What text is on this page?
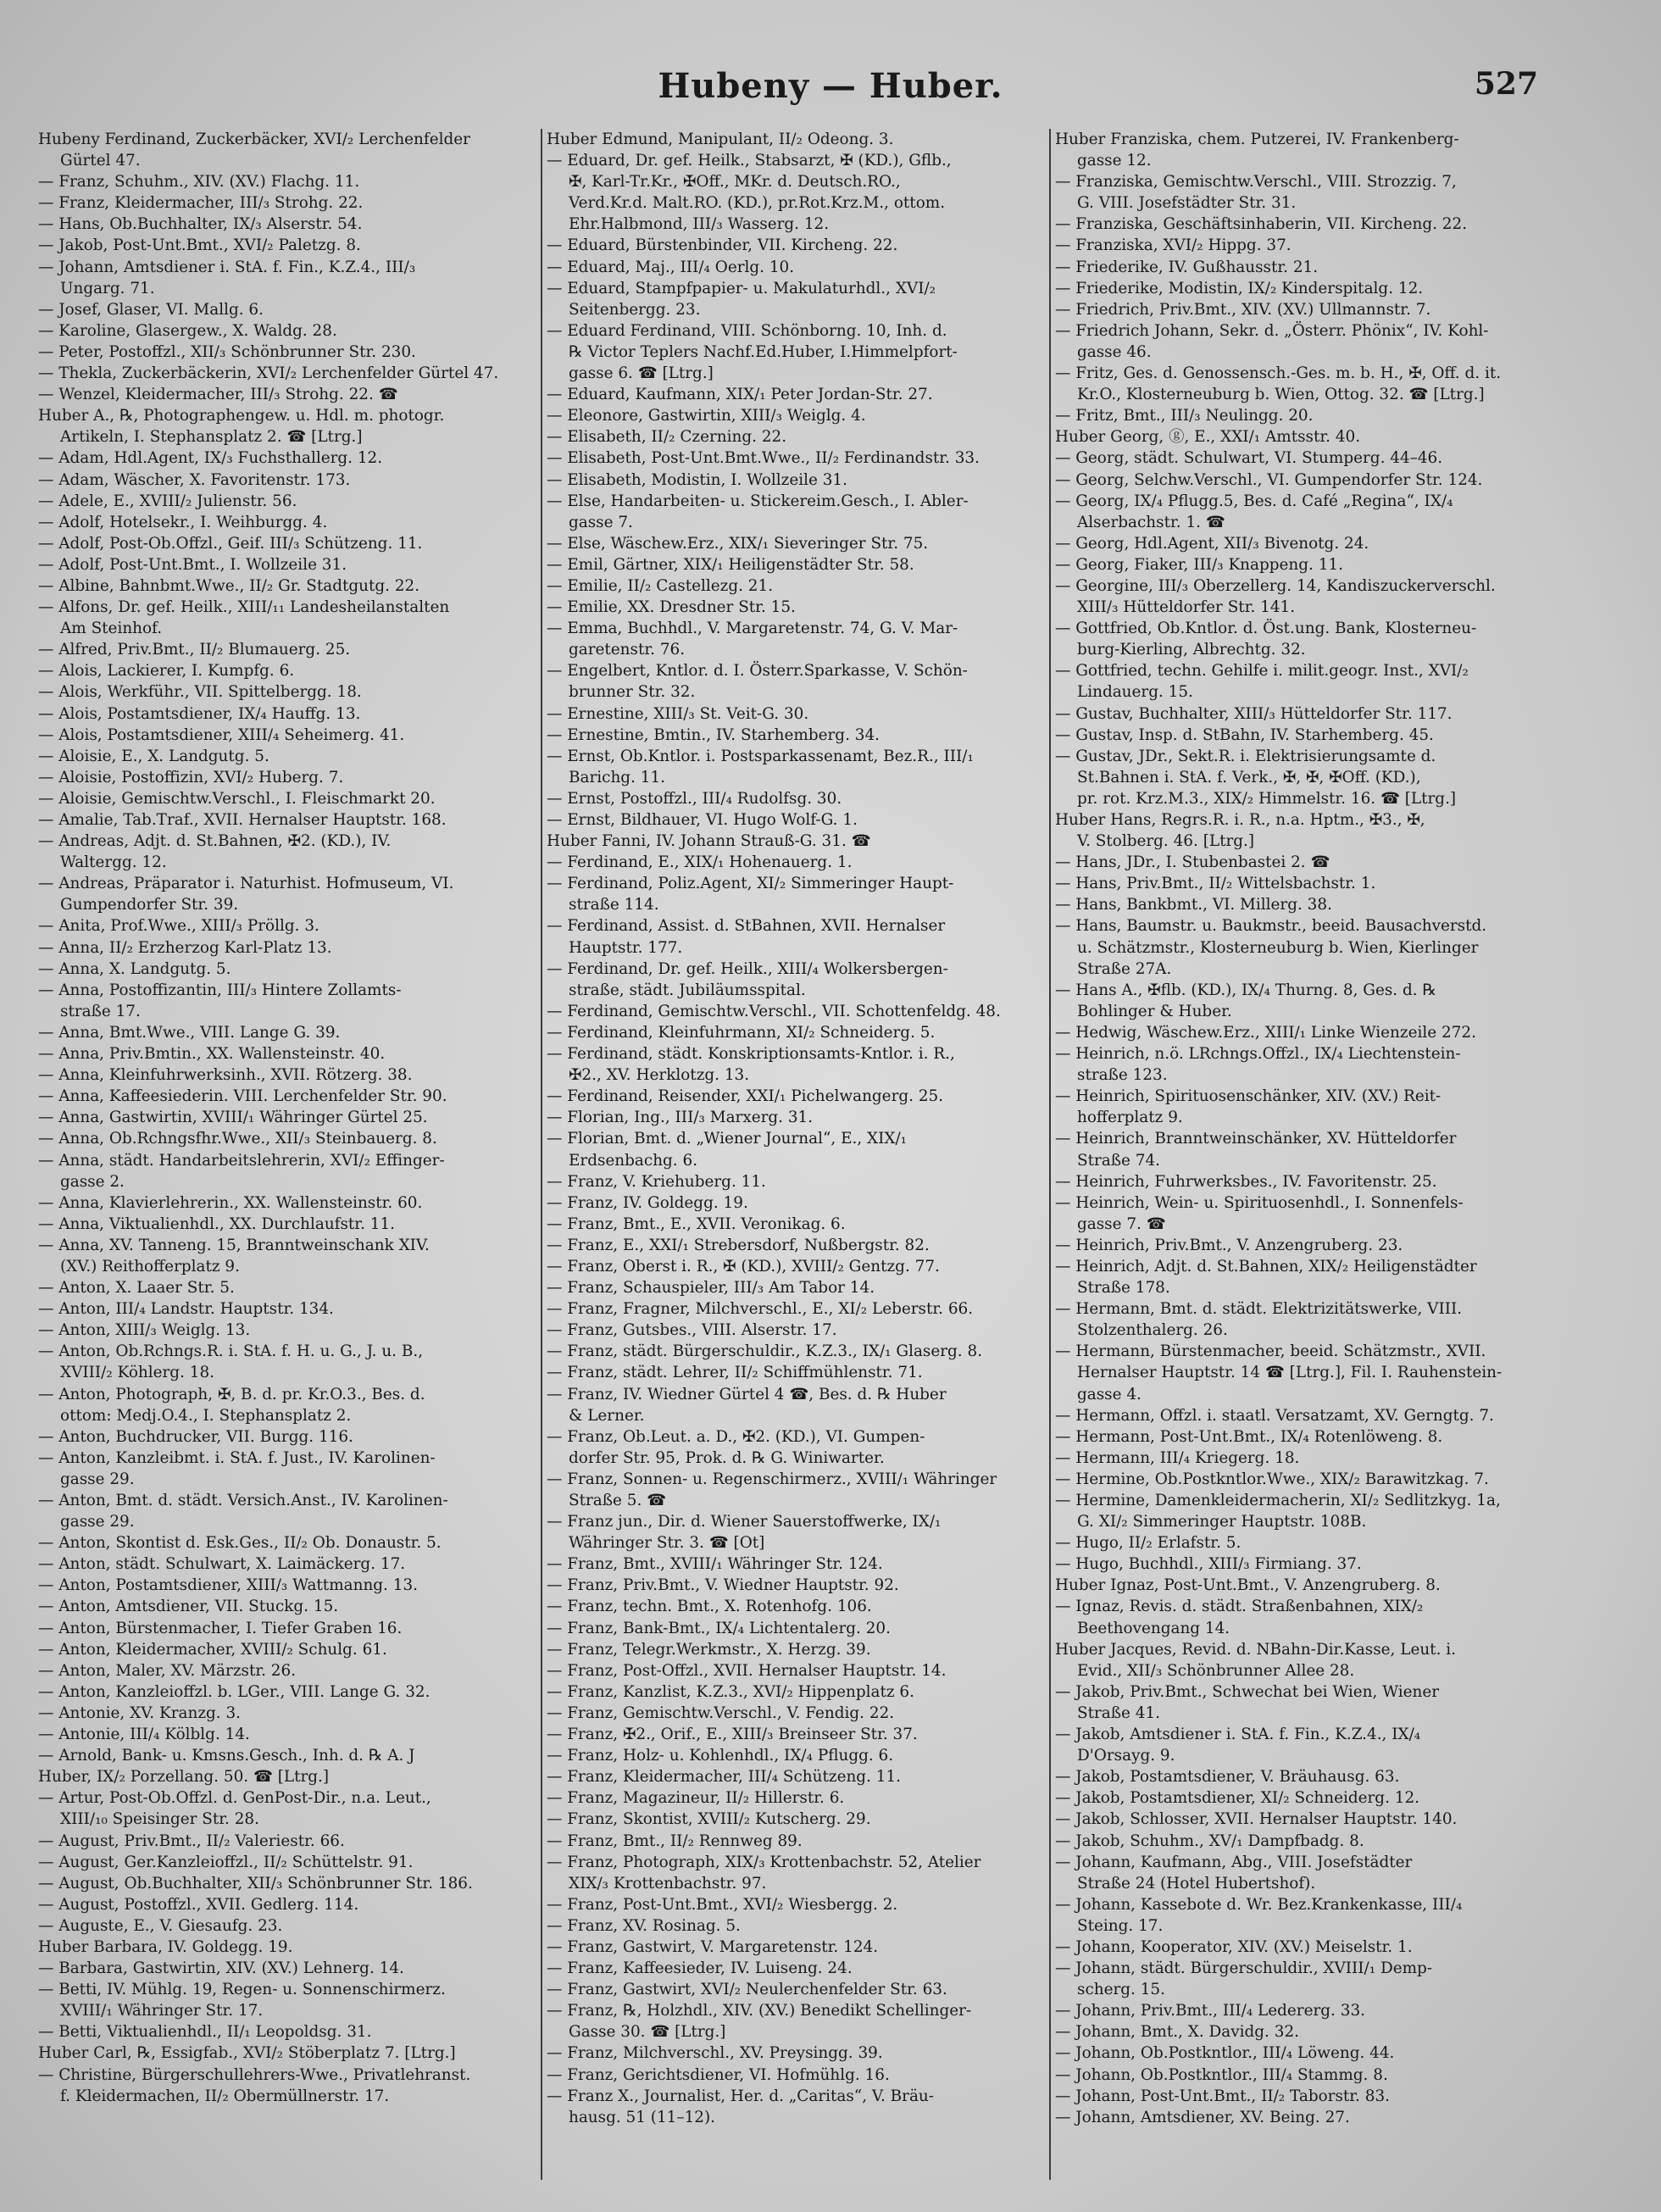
Hubeny — Huber.	527
Hubeny Ferdinand, Zuckerbäcker, XVI/₂ Lerchenfelder
Gürtel 47.
— Franz, Schuhm., XIV. (XV.) Flachg. 11.
— Franz, Kleidermacher, III/₃ Strohg. 22.
— Hans, Ob.Buchhalter, IX/₃ Alserstr. 54.
— Jakob, Post-Unt.Bmt., XVI/₂ Paletzg. 8.
— Johann, Amtsdiener i. StA. f. Fin., K.Z.4., III/₃
Ungarg. 71.
— Josef, Glaser, VI. Mallg. 6.
— Karoline, Glasergew., X. Waldg. 28.
— Peter, Postoffzl., XII/₃ Schönbrunner Str. 230.
— Thekla, Zuckerbäckerin, XVI/₂ Lerchenfelder Gürtel 47.
— Wenzel, Kleidermacher, III/₃ Strohg. 22. ☎
Huber A., ℞, Photographengew. u. Hdl. m. photogr.
Artikeln, I. Stephansplatz 2. ☎ [Ltrg.]
— Adam, Hdl.Agent, IX/₃ Fuchsthallerg. 12.
— Adam, Wäscher, X. Favoritenstr. 173.
— Adele, E., XVIII/₂ Julienstr. 56.
— Adolf, Hotelsekr., I. Weihburgg. 4.
— Adolf, Post-Ob.Offzl., Geif. III/₃ Schützeng. 11.
— Adolf, Post-Unt.Bmt., I. Wollzeile 31.
— Albine, Bahnbmt.Wwe., II/₂ Gr. Stadtgutg. 22.
— Alfons, Dr. gef. Heilk., XIII/₁₁ Landesheilanstalten
Am Steinhof.
— Alfred, Priv.Bmt., II/₂ Blumauerg. 25.
— Alois, Lackierer, I. Kumpfg. 6.
— Alois, Werkführ., VII. Spittelbergg. 18.
— Alois, Postamtsdiener, IX/₄ Hauffg. 13.
— Alois, Postamtsdiener, XIII/₄ Seheimerg. 41.
— Aloisie, E., X. Landgutg. 5.
— Aloisie, Postoffizin, XVI/₂ Huberg. 7.
— Aloisie, Gemischtw.Verschl., I. Fleischmarkt 20.
— Amalie, Tab.Traf., XVII. Hernalser Hauptstr. 168.
— Andreas, Adjt. d. St.Bahnen, ✠2. (KD.), IV.
Waltergg. 12.
— Andreas, Präparator i. Naturhist. Hofmuseum, VI.
Gumpendorfer Str. 39.
— Anita, Prof.Wwe., XIII/₃ Pröllg. 3.
— Anna, II/₂ Erzherzog Karl-Platz 13.
— Anna, X. Landgutg. 5.
— Anna, Postoffizantin, III/₃ Hintere Zollamts-
straße 17.
— Anna, Bmt.Wwe., VIII. Lange G. 39.
— Anna, Priv.Bmtin., XX. Wallensteinstr. 40.
— Anna, Kleinfuhrwerksinh., XVII. Rötzerg. 38.
— Anna, Kaffeesiederin. VIII. Lerchenfelder Str. 90.
— Anna, Gastwirtin, XVIII/₁ Währinger Gürtel 25.
— Anna, Ob.Rchngsfhr.Wwe., XII/₃ Steinbauerg. 8.
— Anna, städt. Handarbeitslehrerin, XVI/₂ Effinger-
gasse 2.
— Anna, Klavierlehrerin., XX. Wallensteinstr. 60.
— Anna, Viktualienhdl., XX. Durchlaufstr. 11.
— Anna, XV. Tanneng. 15, Branntweinschank XIV.
(XV.) Reithofferplatz 9.
— Anton, X. Laaer Str. 5.
— Anton, III/₄ Landstr. Hauptstr. 134.
— Anton, XIII/₃ Weiglg. 13.
— Anton, Ob.Rchngs.R. i. StA. f. H. u. G., J. u. B.,
XVIII/₂ Köhlerg. 18.
— Anton, Photograph, ✠, B. d. pr. Kr.O.3., Bes. d.
ottom: Medj.O.4., I. Stephansplatz 2.
— Anton, Buchdrucker, VII. Burgg. 116.
— Anton, Kanzleibmt. i. StA. f. Just., IV. Karolinen-
gasse 29.
— Anton, Bmt. d. städt. Versich.Anst., IV. Karolinen-
gasse 29.
— Anton, Skontist d. Esk.Ges., II/₂ Ob. Donaustr. 5.
— Anton, städt. Schulwart, X. Laimäckerg. 17.
— Anton, Postamtsdiener, XIII/₃ Wattmanng. 13.
— Anton, Amtsdiener, VII. Stuckg. 15.
— Anton, Bürstenmacher, I. Tiefer Graben 16.
— Anton, Kleidermacher, XVIII/₂ Schulg. 61.
— Anton, Maler, XV. Märzstr. 26.
— Anton, Kanzleioffzl. b. LGer., VIII. Lange G. 32.
— Antonie, XV. Kranzg. 3.
— Antonie, III/₄ Kölblg. 14.
— Arnold, Bank- u. Kmsns.Gesch., Inh. d. ℞ A. J
Huber, IX/₂ Porzellang. 50. ☎ [Ltrg.]
— Artur, Post-Ob.Offzl. d. GenPost-Dir., n.a. Leut.,
XIII/₁₀ Speisinger Str. 28.
— August, Priv.Bmt., II/₂ Valeriestr. 66.
— August, Ger.Kanzleioffzl., II/₂ Schüttelstr. 91.
— August, Ob.Buchhalter, XII/₃ Schönbrunner Str. 186.
— August, Postoffzl., XVII. Gedlerg. 114.
— Auguste, E., V. Giesaufg. 23.
Huber Barbara, IV. Goldegg. 19.
— Barbara, Gastwirtin, XIV. (XV.) Lehnerg. 14.
— Betti, IV. Mühlg. 19, Regen- u. Sonnenschirmerz.
XVIII/₁ Währinger Str. 17.
— Betti, Viktualienhdl., II/₁ Leopoldsg. 31.
Huber Carl, ℞, Essigfab., XVI/₂ Stöberplatz 7. [Ltrg.]
— Christine, Bürgerschullehrers-Wwe., Privatlehranst.
f. Kleidermachen, II/₂ Obermüllnerstr. 17.
Huber Edmund, Manipulant, II/₂ Odeong. 3.
— Eduard, Dr. gef. Heilk., Stabsarzt, ✠ (KD.), Gflb.,
✠, Karl-Tr.Kr., ✠Off., MKr. d. Deutsch.RO.,
Verd.Kr.d. Malt.RO. (KD.), pr.Rot.Krz.M., ottom.
Ehr.Halbmond, III/₃ Wasserg. 12.
— Eduard, Bürstenbinder, VII. Kircheng. 22.
— Eduard, Maj., III/₄ Oerlg. 10.
— Eduard, Stampfpapier- u. Makulaturhdl., XVI/₂
Seitenbergg. 23.
— Eduard Ferdinand, VIII. Schönborng. 10, Inh. d.
℞ Victor Teplers Nachf.Ed.Huber, I.Himmelpfort-
gasse 6. ☎ [Ltrg.]
— Eduard, Kaufmann, XIX/₁ Peter Jordan-Str. 27.
— Eleonore, Gastwirtin, XIII/₃ Weiglg. 4.
— Elisabeth, II/₂ Czerning. 22.
— Elisabeth, Post-Unt.Bmt.Wwe., II/₂ Ferdinandstr. 33.
— Elisabeth, Modistin, I. Wollzeile 31.
— Else, Handarbeiten- u. Stickereim.Gesch., I. Abler-
gasse 7.
— Else, Wäschew.Erz., XIX/₁ Sieveringer Str. 75.
— Emil, Gärtner, XIX/₁ Heiligenstädter Str. 58.
— Emilie, II/₂ Castellezg. 21.
— Emilie, XX. Dresdner Str. 15.
— Emma, Buchhdl., V. Margaretenstr. 74, G. V. Mar-
garetenstr. 76.
— Engelbert, Kntlor. d. I. Österr.Sparkasse, V. Schön-
brunner Str. 32.
— Ernestine, XIII/₃ St. Veit-G. 30.
— Ernestine, Bmtin., IV. Starhemberg. 34.
— Ernst, Ob.Kntlor. i. Postsparkassenamt, Bez.R., III/₁
Barichg. 11.
— Ernst, Postoffzl., III/₄ Rudolfsg. 30.
— Ernst, Bildhauer, VI. Hugo Wolf-G. 1.
Huber Fanni, IV. Johann Strauß-G. 31. ☎
— Ferdinand, E., XIX/₁ Hohenauerg. 1.
— Ferdinand, Poliz.Agent, XI/₂ Simmeringer Haupt-
straße 114.
— Ferdinand, Assist. d. StBahnen, XVII. Hernalser
Hauptstr. 177.
— Ferdinand, Dr. gef. Heilk., XIII/₄ Wolkersbergen-
straße, städt. Jubiläumsspital.
— Ferdinand, Gemischtw.Verschl., VII. Schottenfeldg. 48.
— Ferdinand, Kleinfuhrmann, XI/₂ Schneiderg. 5.
— Ferdinand, städt. Konskriptionsamts-Kntlor. i. R.,
✠2., XV. Herklotzg. 13.
— Ferdinand, Reisender, XXI/₁ Pichelwangerg. 25.
— Florian, Ing., III/₃ Marxerg. 31.
— Florian, Bmt. d. „Wiener Journal“, E., XIX/₁
Erdsenbachg. 6.
— Franz, V. Kriehuberg. 11.
— Franz, IV. Goldegg. 19.
— Franz, Bmt., E., XVII. Veronikag. 6.
— Franz, E., XXI/₁ Strebersdorf, Nußbergstr. 82.
— Franz, Oberst i. R., ✠ (KD.), XVIII/₂ Gentzg. 77.
— Franz, Schauspieler, III/₃ Am Tabor 14.
— Franz, Fragner, Milchverschl., E., XI/₂ Leberstr. 66.
— Franz, Gutsbes., VIII. Alserstr. 17.
— Franz, städt. Bürgerschuldir., K.Z.3., IX/₁ Glaserg. 8.
— Franz, städt. Lehrer, II/₂ Schiffmühlenstr. 71.
— Franz, IV. Wiedner Gürtel 4 ☎, Bes. d. ℞ Huber
& Lerner.
— Franz, Ob.Leut. a. D., ✠2. (KD.), VI. Gumpen-
dorfer Str. 95, Prok. d. ℞ G. Winiwarter.
— Franz, Sonnen- u. Regenschirmerz., XVIII/₁ Währinger
Straße 5. ☎
— Franz jun., Dir. d. Wiener Sauerstoffwerke, IX/₁
Währinger Str. 3. ☎ [Ot]
— Franz, Bmt., XVIII/₁ Währinger Str. 124.
— Franz, Priv.Bmt., V. Wiedner Hauptstr. 92.
— Franz, techn. Bmt., X. Rotenhofg. 106.
— Franz, Bank-Bmt., IX/₄ Lichtentalerg. 20.
— Franz, Telegr.Werkmstr., X. Herzg. 39.
— Franz, Post-Offzl., XVII. Hernalser Hauptstr. 14.
— Franz, Kanzlist, K.Z.3., XVI/₂ Hippenplatz 6.
— Franz, Gemischtw.Verschl., V. Fendig. 22.
— Franz, ✠2., Orif., E., XIII/₃ Breinseer Str. 37.
— Franz, Holz- u. Kohlenhdl., IX/₄ Pflugg. 6.
— Franz, Kleidermacher, III/₄ Schützeng. 11.
— Franz, Magazineur, II/₂ Hillerstr. 6.
— Franz, Skontist, XVIII/₂ Kutscherg. 29.
— Franz, Bmt., II/₂ Rennweg 89.
— Franz, Photograph, XIX/₃ Krottenbachstr. 52, Atelier
XIX/₃ Krottenbachstr. 97.
— Franz, Post-Unt.Bmt., XVI/₂ Wiesbergg. 2.
— Franz, XV. Rosinag. 5.
— Franz, Gastwirt, V. Margaretenstr. 124.
— Franz, Kaffeesieder, IV. Luiseng. 24.
— Franz, Gastwirt, XVI/₂ Neulerchenfelder Str. 63.
— Franz, ℞, Holzhdl., XIV. (XV.) Benedikt Schellinger-
Gasse 30. ☎ [Ltrg.]
— Franz, Milchverschl., XV. Preysingg. 39.
— Franz, Gerichtsdiener, VI. Hofmühlg. 16.
— Franz X., Journalist, Her. d. „Caritas“, V. Bräu-
hausg. 51 (11–12).
Huber Franziska, chem. Putzerei, IV. Frankenberg-
gasse 12.
— Franziska, Gemischtw.Verschl., VIII. Strozzig. 7,
G. VIII. Josefstädter Str. 31.
— Franziska, Geschäftsinhaberin, VII. Kircheng. 22.
— Franziska, XVI/₂ Hippg. 37.
— Friederike, IV. Gußhausstr. 21.
— Friederike, Modistin, IX/₂ Kinderspitalg. 12.
— Friedrich, Priv.Bmt., XIV. (XV.) Ullmannstr. 7.
— Friedrich Johann, Sekr. d. „Österr. Phönix“, IV. Kohl-
gasse 46.
— Fritz, Ges. d. Genossensch.-Ges. m. b. H., ✠, Off. d. it.
Kr.O., Klosterneuburg b. Wien, Ottog. 32. ☎ [Ltrg.]
— Fritz, Bmt., III/₃ Neulingg. 20.
Huber Georg, ⓖ, E., XXI/₁ Amtsstr. 40.
— Georg, städt. Schulwart, VI. Stumperg. 44–46.
— Georg, Selchw.Verschl., VI. Gumpendorfer Str. 124.
— Georg, IX/₄ Pflugg.5, Bes. d. Café „Regina“, IX/₄
Alserbachstr. 1. ☎
— Georg, Hdl.Agent, XII/₃ Bivenotg. 24.
— Georg, Fiaker, III/₃ Knappeng. 11.
— Georgine, III/₃ Oberzellerg. 14, Kandiszuckerverschl.
XIII/₃ Hütteldorfer Str. 141.
— Gottfried, Ob.Kntlor. d. Öst.ung. Bank, Klosterneu-
burg-Kierling, Albrechtg. 32.
— Gottfried, techn. Gehilfe i. milit.geogr. Inst., XVI/₂
Lindauerg. 15.
— Gustav, Buchhalter, XIII/₃ Hütteldorfer Str. 117.
— Gustav, Insp. d. StBahn, IV. Starhemberg. 45.
— Gustav, JDr., Sekt.R. i. Elektrisierungsamte d.
St.Bahnen i. StA. f. Verk., ✠, ✠, ✠Off. (KD.),
pr. rot. Krz.M.3., XIX/₂ Himmelstr. 16. ☎ [Ltrg.]
Huber Hans, Regrs.R. i. R., n.a. Hptm., ✠3., ✠,
V. Stolberg. 46. [Ltrg.]
— Hans, JDr., I. Stubenbastei 2. ☎
— Hans, Priv.Bmt., II/₂ Wittelsbachstr. 1.
— Hans, Bankbmt., VI. Millerg. 38.
— Hans, Baumstr. u. Baukmstr., beeid. Bausachverstd.
u. Schätzmstr., Klosterneuburg b. Wien, Kierlinger
Straße 27A.
— Hans A., ✠flb. (KD.), IX/₄ Thurng. 8, Ges. d. ℞
Bohlinger & Huber.
— Hedwig, Wäschew.Erz., XIII/₁ Linke Wienzeile 272.
— Heinrich, n.ö. LRchngs.Offzl., IX/₄ Liechtenstein-
straße 123.
— Heinrich, Spirituosenschänker, XIV. (XV.) Reit-
hofferplatz 9.
— Heinrich, Branntweinschänker, XV. Hütteldorfer
Straße 74.
— Heinrich, Fuhrwerksbes., IV. Favoritenstr. 25.
— Heinrich, Wein- u. Spirituosenhdl., I. Sonnenfels-
gasse 7. ☎
— Heinrich, Priv.Bmt., V. Anzengruberg. 23.
— Heinrich, Adjt. d. St.Bahnen, XIX/₂ Heiligenstädter
Straße 178.
— Hermann, Bmt. d. städt. Elektrizitätswerke, VIII.
Stolzenthalerg. 26.
— Hermann, Bürstenmacher, beeid. Schätzmstr., XVII.
Hernalser Hauptstr. 14 ☎ [Ltrg.], Fil. I. Rauhenstein-
gasse 4.
— Hermann, Offzl. i. staatl. Versatzamt, XV. Gerngtg. 7.
— Hermann, Post-Unt.Bmt., IX/₄ Rotenlöweng. 8.
— Hermann, III/₄ Kriegerg. 18.
— Hermine, Ob.Postkntlor.Wwe., XIX/₂ Barawitzkag. 7.
— Hermine, Damenkleidermacherin, XI/₂ Sedlitzkyg. 1a,
G. XI/₂ Simmeringer Hauptstr. 108B.
— Hugo, II/₂ Erlafstr. 5.
— Hugo, Buchhdl., XIII/₃ Firmiang. 37.
Huber Ignaz, Post-Unt.Bmt., V. Anzengruberg. 8.
— Ignaz, Revis. d. städt. Straßenbahnen, XIX/₂
Beethovengang 14.
Huber Jacques, Revid. d. NBahn-Dir.Kasse, Leut. i.
Evid., XII/₃ Schönbrunner Allee 28.
— Jakob, Priv.Bmt., Schwechat bei Wien, Wiener
Straße 41.
— Jakob, Amtsdiener i. StA. f. Fin., K.Z.4., IX/₄
D'Orsayg. 9.
— Jakob, Postamtsdiener, V. Bräuhausg. 63.
— Jakob, Postamtsdiener, XI/₂ Schneiderg. 12.
— Jakob, Schlosser, XVII. Hernalser Hauptstr. 140.
— Jakob, Schuhm., XV/₁ Dampfbadg. 8.
— Johann, Kaufmann, Abg., VIII. Josefstädter
Straße 24 (Hotel Hubertshof).
— Johann, Kassebote d. Wr. Bez.Krankenkasse, III/₄
Steing. 17.
— Johann, Kooperator, XIV. (XV.) Meiselstr. 1.
— Johann, städt. Bürgerschuldir., XVIII/₁ Demp-
scherg. 15.
— Johann, Priv.Bmt., III/₄ Ledererg. 33.
— Johann, Bmt., X. Davidg. 32.
— Johann, Ob.Postkntlor., III/₄ Löweng. 44.
— Johann, Ob.Postkntlor., III/₄ Stammg. 8.
— Johann, Post-Unt.Bmt., II/₂ Taborstr. 83.
— Johann, Amtsdiener, XV. Being. 27.
